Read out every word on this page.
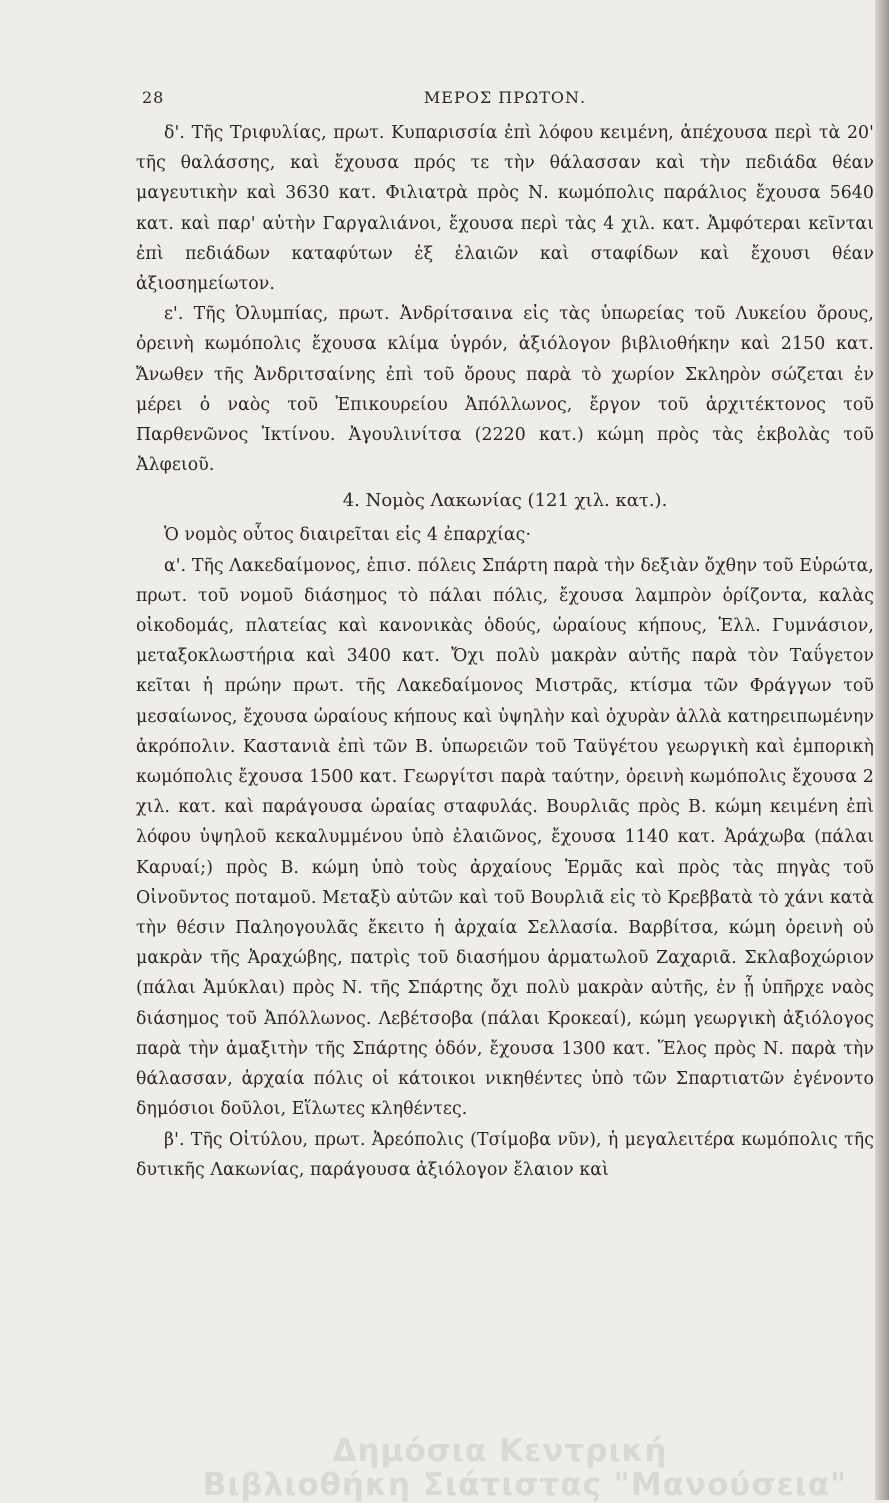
28	ΜΕΡΟΣ ΠΡΩΤΟΝ.

δ'. Τῆς Τριφυλίας, πρωτ. Κυπαρισσία ἐπὶ λόφου κειμένη, ἀπέχουσα περὶ τὰ 20' τῆς θαλάσσης, καὶ ἔχουσα πρός τε τὴν θάλασσαν καὶ τὴν πεδιάδα θέαν μαγευτικὴν καὶ 3630 κατ. Φιλιατρὰ πρὸς Ν. κωμόπολις παράλιος ἔχουσα 5640 κατ. καὶ παρ' αὐτὴν Γαργαλιάνοι, ἔχουσα περὶ τὰς 4 χιλ. κατ. Ἀμφότεραι κεῖνται ἐπὶ πεδιάδων καταφύτων ἐξ ἐλαιῶν καὶ σταφίδων καὶ ἔχουσι θέαν ἀξιοσημείωτον.

ε'. Τῆς Ὀλυμπίας, πρωτ. Ἀνδρίτσαινα εἰς τὰς ὑπωρείας τοῦ Λυκείου ὄρους, ὀρεινὴ κωμόπολις ἔχουσα κλίμα ὑγρόν, ἀξιόλογον βιβλιοθήκην καὶ 2150 κατ. Ἄνωθεν τῆς Ἀνδριτσαίνης ἐπὶ τοῦ ὄρους παρὰ τὸ χωρίον Σκληρὸν σώζεται ἐν μέρει ὁ ναὸς τοῦ Ἐπικουρείου Ἀπόλλωνος, ἔργον τοῦ ἀρχιτέκτονος τοῦ Παρθενῶνος Ἰκτίνου. Ἀγουλινίτσα (2220 κατ.) κώμη πρὸς τὰς ἐκβολὰς τοῦ Ἀλφειοῦ.

4. Νομὸς Λακωνίας (121 χιλ. κατ.).

Ὁ νομὸς οὗτος διαιρεῖται εἰς 4 ἐπαρχίας·

α'. Τῆς Λακεδαίμονος, ἐπισ. πόλεις Σπάρτη παρὰ τὴν δεξιὰν ὄχθην τοῦ Εὐρώτα, πρωτ. τοῦ νομοῦ διάσημος τὸ πάλαι πόλις, ἔχουσα λαμπρὸν ὁρίζοντα, καλὰς οἰκοδομάς, πλατείας καὶ κανονικὰς ὁδούς, ὡραίους κήπους, Ἑλλ. Γυμνάσιον, μεταξοκλωστήρια καὶ 3400 κατ. Ὄχι πολὺ μακρὰν αὐτῆς παρὰ τὸν Ταΰγετον κεῖται ἡ πρώην πρωτ. τῆς Λακεδαίμονος Μιστρᾶς, κτίσμα τῶν Φράγγων τοῦ μεσαίωνος, ἔχουσα ὡραίους κήπους καὶ ὑψηλὴν καὶ ὀχυρὰν ἀλλὰ κατηρειπωμένην ἀκρόπολιν. Καστανιὰ ἐπὶ τῶν Β. ὑπωρειῶν τοῦ Ταϋγέτου γεωργικὴ καὶ ἐμπορικὴ κωμόπολις ἔχουσα 1500 κατ. Γεωργίτσι παρὰ ταύτην, ὀρεινὴ κωμόπολις ἔχουσα 2 χιλ. κατ. καὶ παράγουσα ὡραίας σταφυλάς. Βουρλιᾶς πρὸς Β. κώμη κειμένη ἐπὶ λόφου ὑψηλοῦ κεκαλυμμένου ὑπὸ ἐλαιῶνος, ἔχουσα 1140 κατ. Ἀράχωβα (πάλαι Καρυαί;) πρὸς Β. κώμη ὑπὸ τοὺς ἀρχαίους Ἑρμᾶς καὶ πρὸς τὰς πηγὰς τοῦ Οἰνοῦντος ποταμοῦ. Μεταξὺ αὐτῶν καὶ τοῦ Βουρλιᾶ εἰς τὸ Κρεββατὰ τὸ χάνι κατὰ τὴν θέσιν Παληογουλᾶς ἔκειτο ἡ ἀρχαία Σελλασία. Βαρβίτσα, κώμη ὀρεινὴ οὐ μακρὰν τῆς Ἀραχώβης, πατρὶς τοῦ διασήμου ἁρματωλοῦ Ζαχαριᾶ. Σκλαβοχώριον (πάλαι Ἀμύκλαι) πρὸς Ν. τῆς Σπάρτης ὄχι πολὺ μακρὰν αὐτῆς, ἐν ᾗ ὑπῆρχε ναὸς διάσημος τοῦ Ἀπόλλωνος. Λεβέτσοβα (πάλαι Κροκεαί), κώμη γεωργικὴ ἀξιόλογος παρὰ τὴν ἁμαξιτὴν τῆς Σπάρτης ὁδόν, ἔχουσα 1300 κατ. Ἕλος πρὸς Ν. παρὰ τὴν θάλασσαν, ἀρχαία πόλις οἱ κάτοικοι νικηθέντες ὑπὸ τῶν Σπαρτιατῶν ἐγένοντο δημόσιοι δοῦλοι, Εἵλωτες κληθέντες.

β'. Τῆς Οἰτύλου, πρωτ. Ἀρεόπολις (Τσίμοβα νῦν), ἡ μεγαλειτέρα κωμόπολις τῆς δυτικῆς Λακωνίας, παράγουσα ἀξιόλογον ἔλαιον καὶ

Δημόσια Κεντρική
Βιβλιοθήκη Σιάτιστας "Μανούσεια"
